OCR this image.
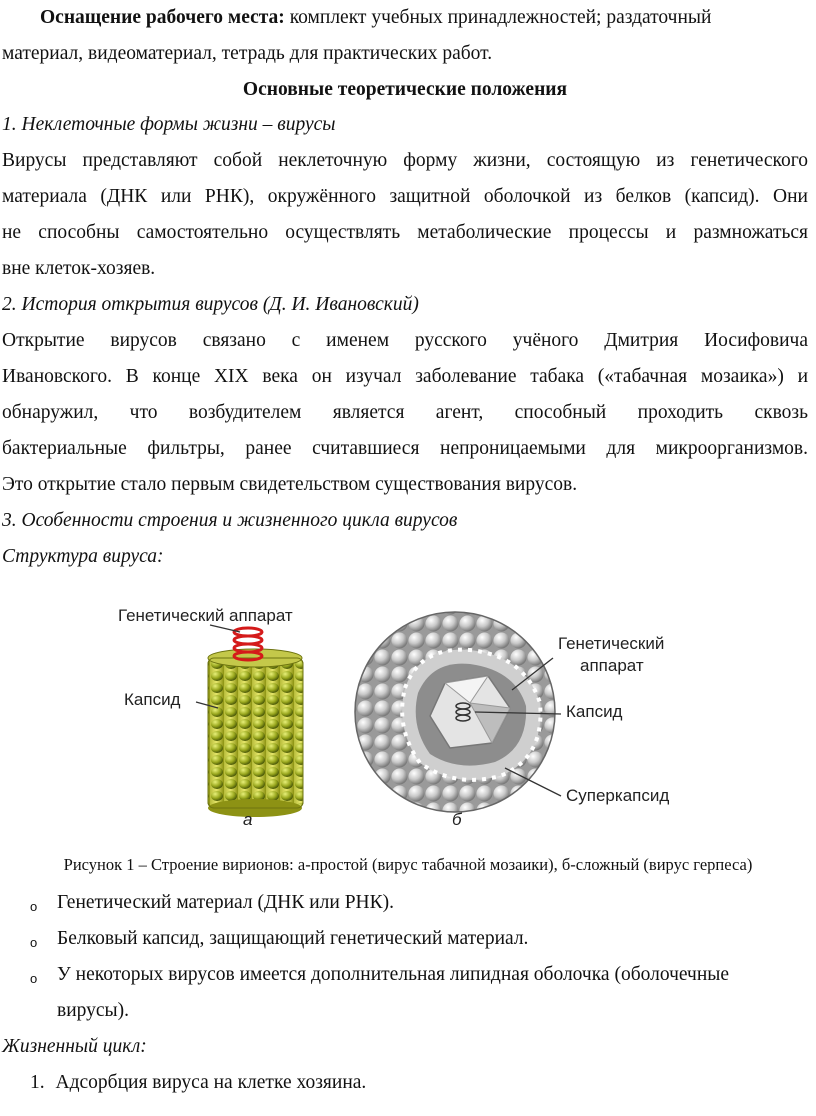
Оснащение рабочего места: комплект учебных принадлежностей; раздаточный

материал, видеоматериал, тетрадь для практических работ.

Основные теоретические положения

1. Неклеточные формы жизни – вирусы

Вирусы представляют собой неклеточную форму жизни, состоящую из генетического

материала (ДНК или РНК), окружённого защитной оболочкой из белков (капсид). Они

не способны самостоятельно осуществлять метаболические процессы и размножаться

вне клеток-хозяев.

2. История открытия вирусов (Д. И. Ивановский)

Открытие вирусов связано с именем русского учёного Дмитрия Иосифовича

Ивановского. В конце XIX века он изучал заболевание табака («табачная мозаика») и

обнаружил, что возбудителем является агент, способный проходить сквозь

бактериальные фильтры, ранее считавшиеся непроницаемыми для микроорганизмов.

Это открытие стало первым свидетельством существования вирусов.

3. Особенности строения и жизненного цикла вирусов

Структура вируса:

Генетический аппарат
Капсид
а
Генетический
аппарат
Капсид
Суперкапсид
б
Рисунок 1 – Строение вирионов: а-простой (вирус табачной мозаики), б-сложный (вирус герпеса)
o Генетический материал (ДНК или РНК).
o Белковый капсид, защищающий генетический материал.
o У некоторых вирусов имеется дополнительная липидная оболочка (оболочечные
вирусы).

Жизненный цикл:

1. Адсорбция вируса на клетке хозяина.
